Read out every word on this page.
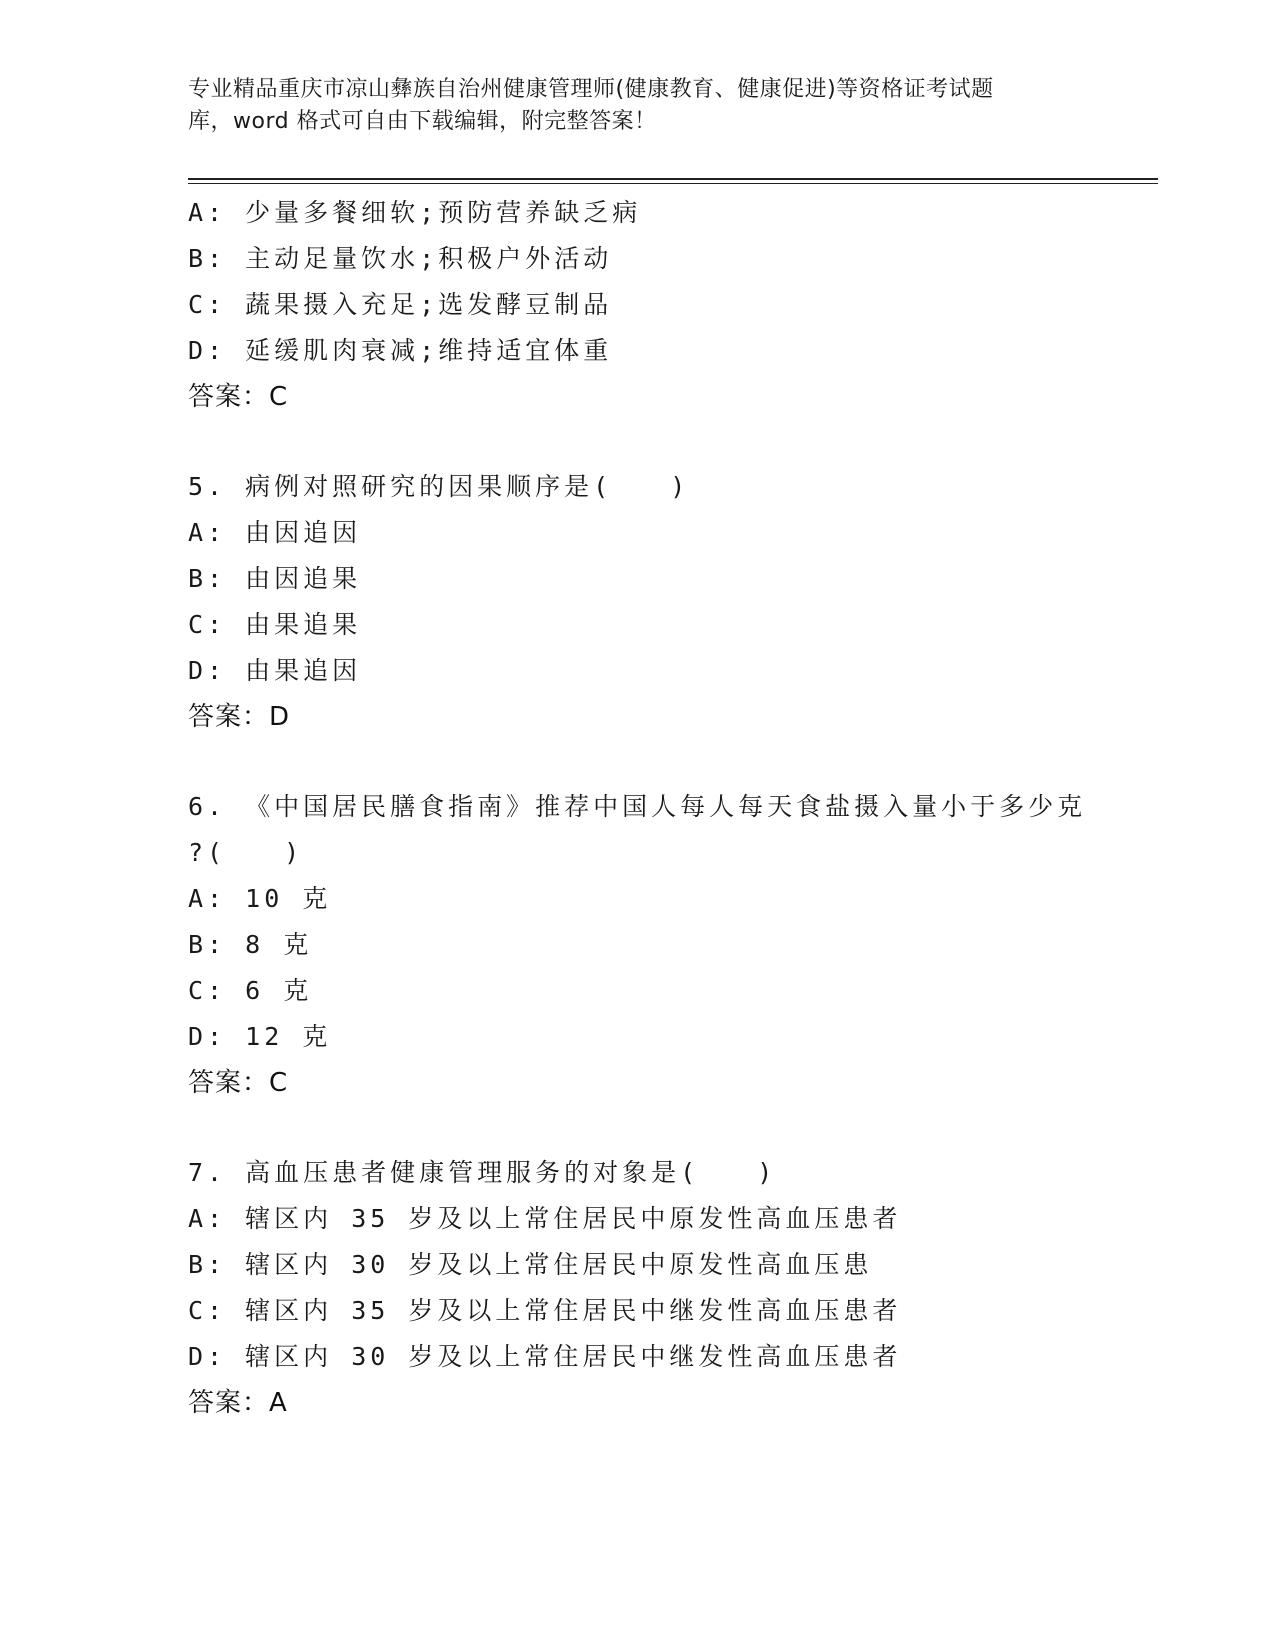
专业精品重庆市凉山彝族自治州健康管理师(健康教育、健康促进)等资格证考试题
库，word 格式可自由下载编辑，附完整答案！
A: 少量多餐细软;预防营养缺乏病
B: 主动足量饮水;积极户外活动
C: 蔬果摄入充足;选发酵豆制品
D: 延缓肌肉衰减;维持适宜体重
答案：C
5. 病例对照研究的因果顺序是(　　)
A: 由因追因
B: 由因追果
C: 由果追果
D: 由果追因
答案：D
6. 《中国居民膳食指南》推荐中国人每人每天食盐摄入量小于多少克
?(　　)
A: 10 克
B: 8 克
C: 6 克
D: 12 克
答案：C
7. 高血压患者健康管理服务的对象是(　　)
A: 辖区内 35 岁及以上常住居民中原发性高血压患者
B: 辖区内 30 岁及以上常住居民中原发性高血压患
C: 辖区内 35 岁及以上常住居民中继发性高血压患者
D: 辖区内 30 岁及以上常住居民中继发性高血压患者
答案：A
